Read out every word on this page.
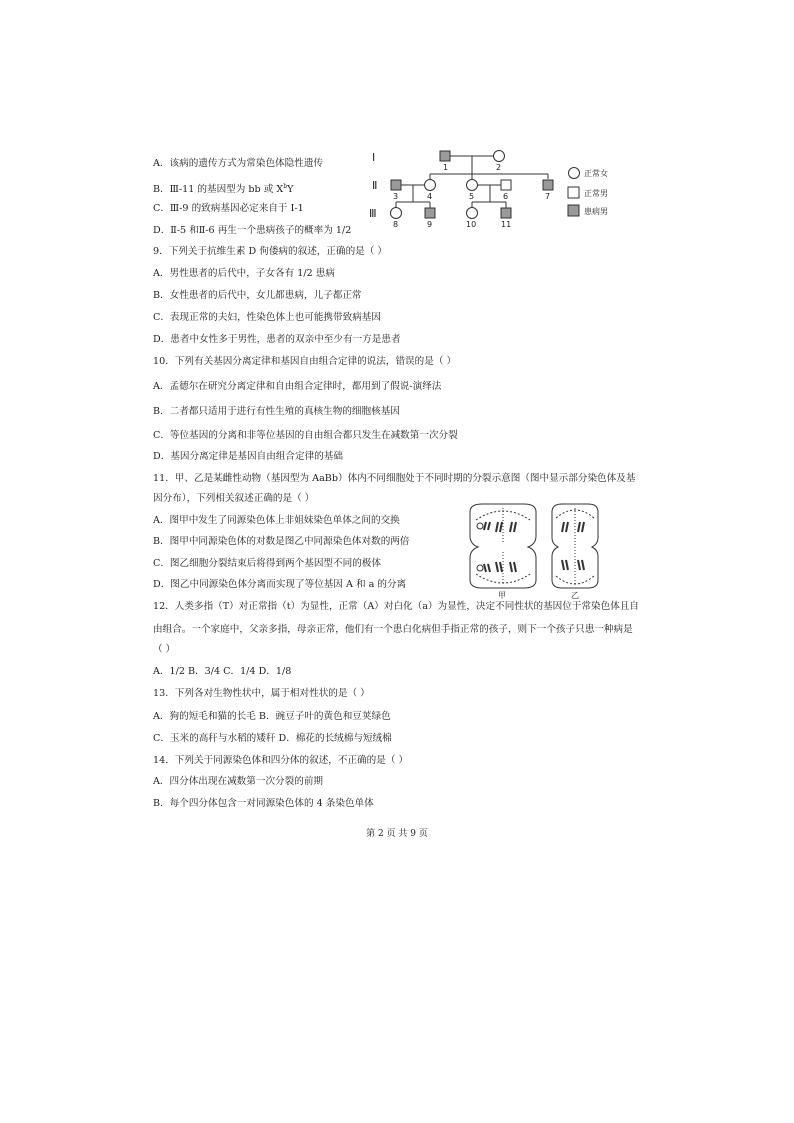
A．该病的遗传方式为常染色体隐性遗传
B．Ⅲ-11 的基因型为 bb 或 $X^bY$
C．Ⅲ-9 的致病基因必定来自于 Ⅰ-1
D．Ⅱ-5 和Ⅱ-6 再生一个患病孩子的概率为 1/2
Ⅰ
Ⅱ
Ⅲ
1	2
3	4	5	6	7
8	9	10	11
正常女
正常男
患病男
9．下列关于抗维生素 D 佝偻病的叙述，正确的是（ ）
A．男性患者的后代中，子女各有 1/2 患病
B．女性患者的后代中，女儿都患病，儿子都正常
C．表现正常的夫妇，性染色体上也可能携带致病基因
D．患者中女性多于男性，患者的双亲中至少有一方是患者
10．下列有关基因分离定律和基因自由组合定律的说法，错误的是（ ）
A．孟德尔在研究分离定律和自由组合定律时，都用到了假说-演绎法
B．二者都只适用于进行有性生殖的真核生物的细胞核基因
C．等位基因的分离和非等位基因的自由组合都只发生在减数第一次分裂
D．基因分离定律是基因自由组合定律的基础
11．甲、乙是某雌性动物（基因型为 AaBb）体内不同细胞处于不同时期的分裂示意图（图中显示部分染色体及基
因分布），下列相关叙述正确的是（ ）
A．图甲中发生了同源染色体上非姐妹染色单体之间的交换
B．图甲中同源染色体的对数是图乙中同源染色体对数的两倍
C．图乙细胞分裂结束后将得到两个基因型不同的极体
D．图乙中同源染色体分离而实现了等位基因 A 和 a 的分离
甲	乙
12．人类多指（T）对正常指（t）为显性，正常（A）对白化（a）为显性，决定不同性状的基因位于常染色体且自
由组合。一个家庭中，父亲多指，母亲正常，他们有一个患白化病但手指正常的孩子，则下一个孩子只患一种病是
（ ）
A．1/2 B．3/4 C．1/4 D．1/8
13．下列各对生物性状中，属于相对性状的是（ ）
A．狗的短毛和猫的长毛 B．豌豆子叶的黄色和豆荚绿色
C．玉米的高秆与水稻的矮秆 D．棉花的长绒棉与短绒棉
14．下列关于同源染色体和四分体的叙述，不正确的是（ ）
A．四分体出现在减数第一次分裂的前期
B．每个四分体包含一对同源染色体的 4 条染色单体
第 2 页 共 9 页
